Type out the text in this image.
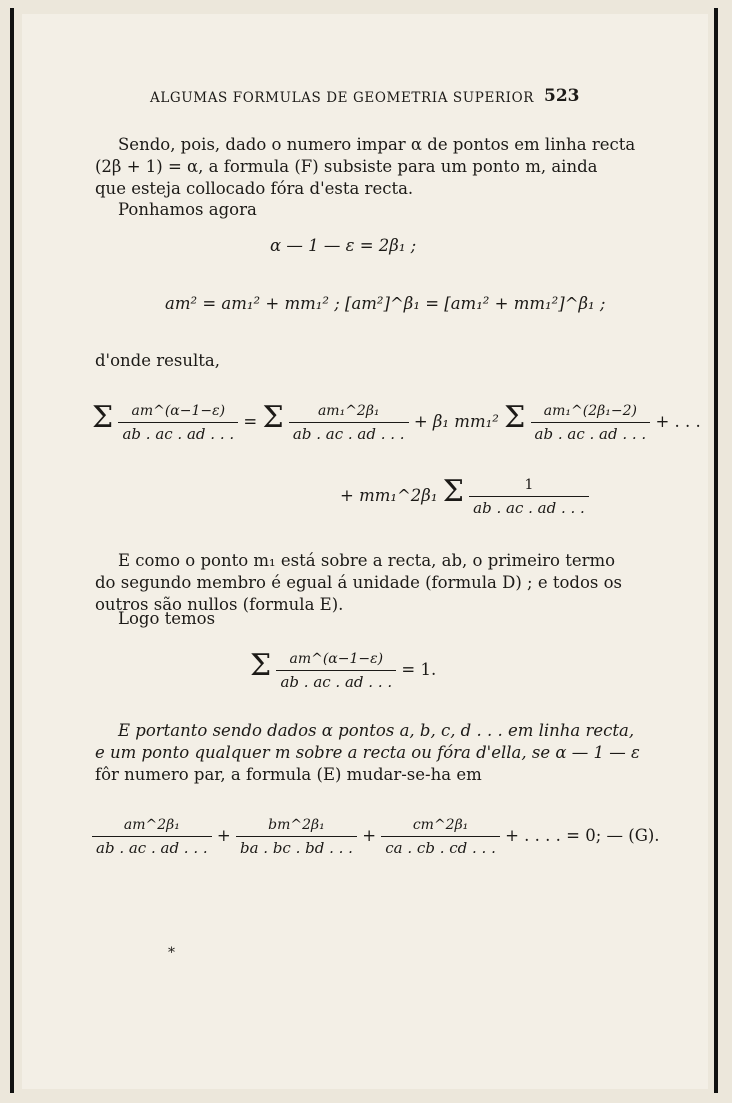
ALGUMAS FORMULAS DE GEOMETRIA SUPERIOR 523
Sendo, pois, dado o numero impar α de pontos em linha recta
(2β + 1) = α, a formula (F) subsiste para um ponto m, ainda
que esteja collocado fóra d'esta recta.
Ponhamos agora
α — 1 — ε = 2β₁ ;
am² = am₁² + mm₁² ; [am²]^β₁ = [am₁² + mm₁²]^β₁ ;
d'onde resulta,
Σ $\frac{am\^{}(\alpha-1-\varepsilon)}{ab . ac . ad . . .} = \Sigma \frac{\text{am₁\textasciicircum{}2β₁}}{ab . ac . ad . . .} + \beta_1$ mm₁² Σ $\frac{\text{am₁\textasciicircum{}(2β₁−2)}}{ab . ac . ad . . .}$ + . . .
+ mm₁^2β₁ Σ $\frac{1}{ab . ac . ad . . .}$
E como o ponto m₁ está sobre a recta, ab, o primeiro termo
do segundo membro é egual á unidade (formula D) ; e todos os
outros são nullos (formula E).
Logo temos
Σ $\frac{am\^{}(\alpha-1-\varepsilon)}{ab . ac . ad . . .} = 1$.
E portanto sendo dados α pontos a, b, c, d . . . em linha recta,
e um ponto qualquer m sobre a recta ou fóra d'ella, se α — 1 — ε
fôr numero par, a formula (E) mudar-se-ha em
$\frac{\text{am\textasciicircum{}2β₁}}{ab . ac . ad . . .} + \frac{\text{bm\textasciicircum{}2β₁}}{ba . bc . bd . . .} + \frac{\text{cm\textasciicircum{}2β₁}}{ca . cb . cd . . .}$ + . . . . = 0; — (G).
*
